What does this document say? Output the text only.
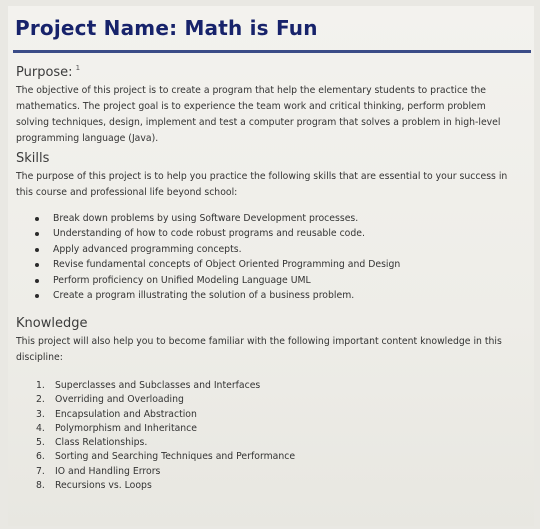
Project Name: Math is Fun

Purpose: $^1$

The objective of this project is to create a program that help the elementary students to practice the
mathematics. The project goal is to experience the team work and critical thinking, perform problem
solving techniques, design, implement and test a computer program that solves a problem in high-level
programming language (Java).

Skills

The purpose of this project is to help you practice the following skills that are essential to your success in
this course and professional life beyond school:

Break down problems by using Software Development processes.
Understanding of how to code robust programs and reusable code.
Apply advanced programming concepts.
Revise fundamental concepts of Object Oriented Programming and Design
Perform proficiency on Unified Modeling Language UML
Create a program illustrating the solution of a business problem.

Knowledge

This project will also help you to become familiar with the following important content knowledge in this
discipline:

1.	Superclasses and Subclasses and Interfaces
2.	Overriding and Overloading
3.	Encapsulation and Abstraction
4.	Polymorphism and Inheritance
5.	Class Relationships.
6.	Sorting and Searching Techniques and Performance
7.	IO and Handling Errors
8.	Recursions vs. Loops
